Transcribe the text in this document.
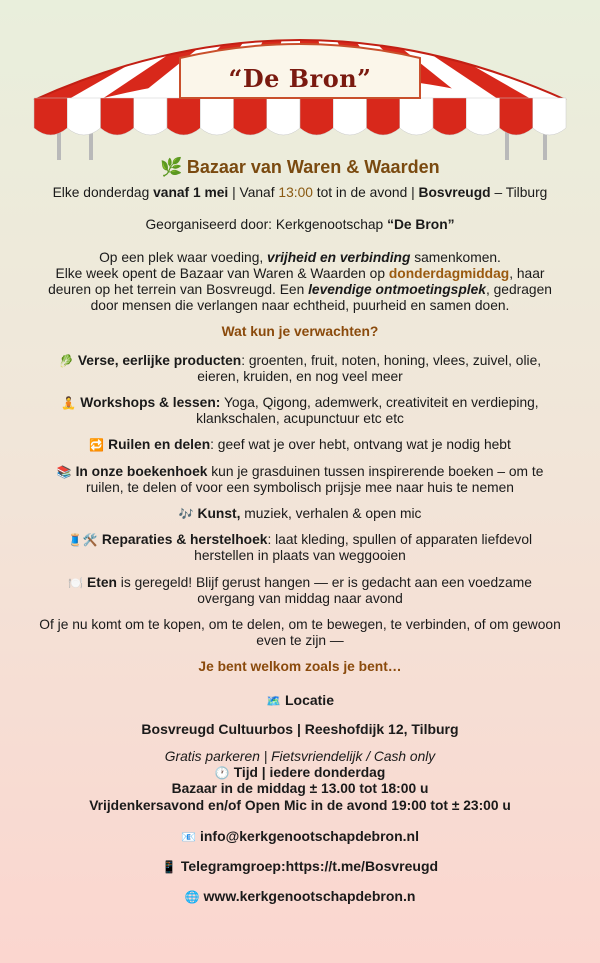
“De Bron”
🌿 Bazaar van Waren & Waarden

Elke donderdag vanaf 1 mei | Vanaf 13:00 tot in de avond | Bosvreugd – Tilburg

Georganiseerd door: Kerkgenootschap “De Bron”

Op een plek waar voeding, vrijheid en verbinding samenkomen.
Elke week opent de Bazaar van Waren & Waarden op donderdagmiddag, haar deuren op het terrein van Bosvreugd. Een levendige ontmoetingsplek, gedragen door mensen die verlangen naar echtheid, puurheid en samen doen.

Wat kun je verwachten?

🥬 Verse, eerlijke producten: groenten, fruit, noten, honing, vlees, zuivel, olie, eieren, kruiden, en nog veel meer

🧘 Workshops & lessen: Yoga, Qigong, ademwerk, creativiteit en verdieping, klankschalen, acupunctuur etc etc

🔁 Ruilen en delen: geef wat je over hebt, ontvang wat je nodig hebt

📚 In onze boekenhoek kun je grasduinen tussen inspirerende boeken – om te ruilen, te delen of voor een symbolisch prijsje mee naar huis te nemen

🎶 Kunst, muziek, verhalen & open mic

🧵🛠️ Reparaties & herstelhoek: laat kleding, spullen of apparaten liefdevol herstellen in plaats van weggooien

🍽️ Eten is geregeld! Blijf gerust hangen — er is gedacht aan een voedzame overgang van middag naar avond

Of je nu komt om te kopen, om te delen, om te bewegen, te verbinden, of om gewoon even te zijn —

Je bent welkom zoals je bent…
🗺️ Locatie
Bosvreugd Cultuurbos | Reeshofdijk 12, Tilburg
Gratis parkeren | Fietsvriendelijk / Cash only
🕐 Tijd | iedere donderdag
Bazaar in de middag ± 13.00 tot 18:00 u
Vrijdenkersavond en/of Open Mic in de avond 19:00 tot ± 23:00 u
📧 info@kerkgenootschapdebron.nl
📱 Telegramgroep:https://t.me/Bosvreugd
🌐 www.kerkgenootschapdebron.n
